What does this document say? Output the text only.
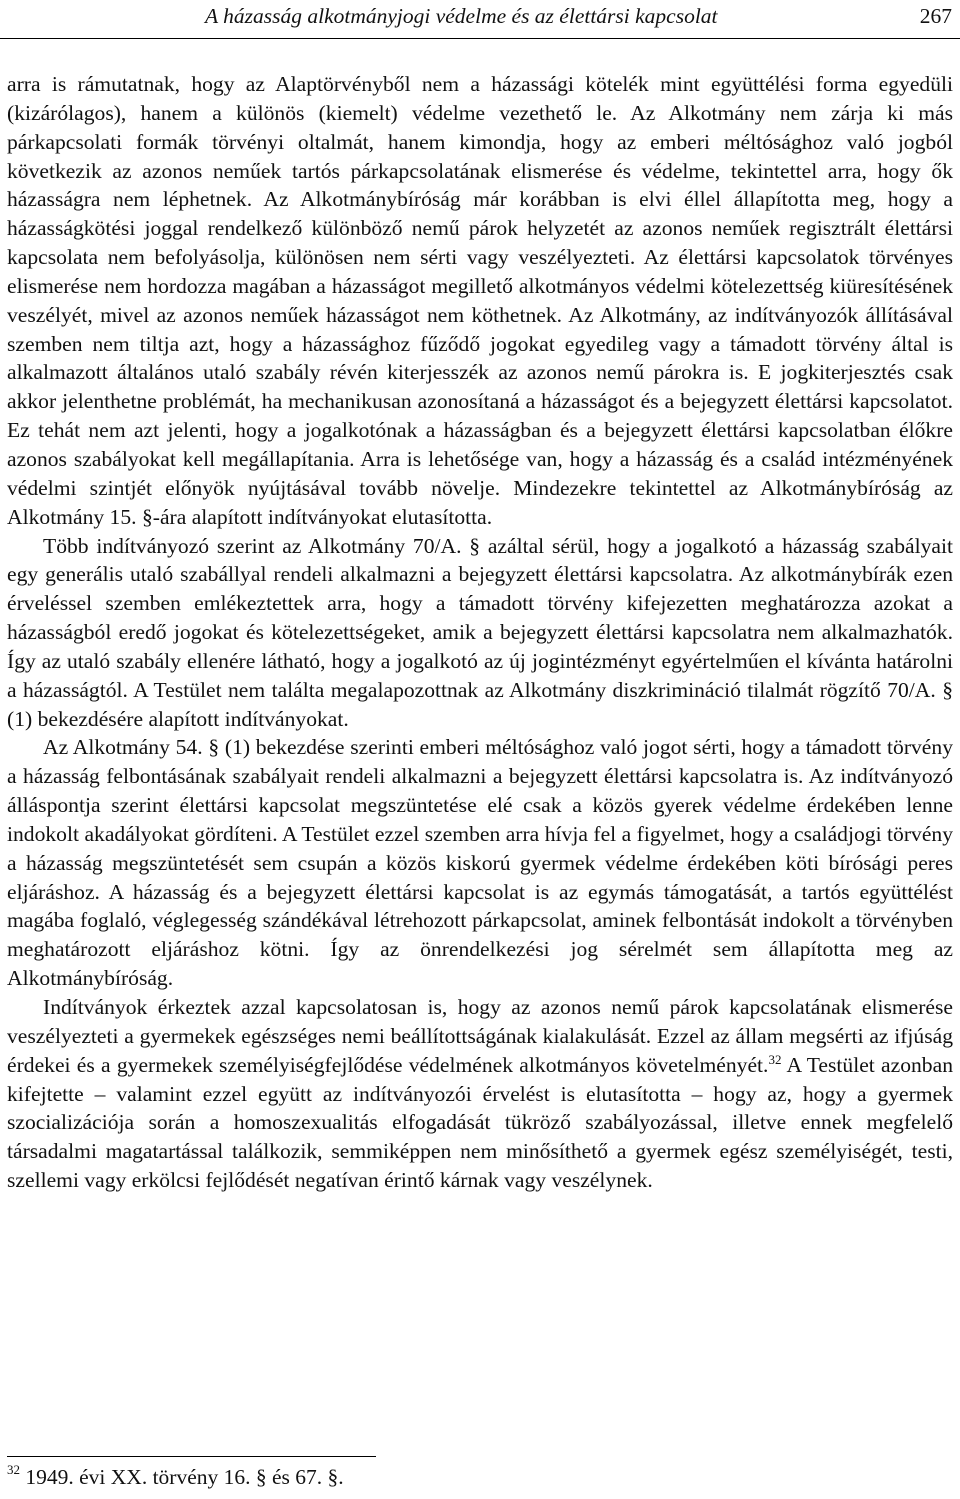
A házasság alkotmányjogi védelme és az élettársi kapcsolat	267

arra is rámutatnak, hogy az Alaptörvényből nem a házassági kötelék mint együttélési forma egyedüli (kizárólagos), hanem a különös (kiemelt) védelme vezethető le. Az Alkotmány nem zárja ki más párkapcsolati formák törvényi oltalmát, hanem kimondja, hogy az emberi méltósághoz való jogból következik az azonos neműek tartós párkapcsolatának elismerése és védelme, tekintettel arra, hogy ők házasságra nem léphetnek. Az Alkotmánybíróság már korábban is elvi éllel állapította meg, hogy a házasságkötési joggal rendelkező különböző nemű párok helyzetét az azonos neműek regisztrált élettársi kapcsolata nem befolyásolja, különösen nem sérti vagy veszélyezteti. Az élettársi kapcsolatok törvényes elismerése nem hordozza magában a házasságot megillető alkotmányos védelmi kötelezettség kiüresítésének veszélyét, mivel az azonos neműek házasságot nem köthetnek. Az Alkotmány, az indítványozók állításával szemben nem tiltja azt, hogy a házassághoz fűződő jogokat egyedileg vagy a támadott törvény által is alkalmazott általános utaló szabály révén kiterjesszék az azonos nemű párokra is. E jogkiterjesztés csak akkor jelenthetne problémát, ha mechanikusan azonosítaná a házasságot és a bejegyzett élettársi kapcsolatot. Ez tehát nem azt jelenti, hogy a jogalkotónak a házasságban és a bejegyzett élettársi kapcsolatban élőkre azonos szabályokat kell megállapítania. Arra is lehetősége van, hogy a házasság és a család intézményének védelmi szintjét előnyök nyújtásával tovább növelje. Mindezekre tekintettel az Alkotmánybíróság az Alkotmány 15. §-ára alapított indítványokat elutasította.

Több indítványozó szerint az Alkotmány 70/A. § azáltal sérül, hogy a jogalkotó a házasság szabályait egy generális utaló szabállyal rendeli alkalmazni a bejegyzett élettársi kapcsolatra. Az alkotmánybírák ezen érveléssel szemben emlékeztettek arra, hogy a támadott törvény kifejezetten meghatározza azokat a házasságból eredő jogokat és kötelezettségeket, amik a bejegyzett élettársi kapcsolatra nem alkalmazhatók. Így az utaló szabály ellenére látható, hogy a jogalkotó az új jogintézményt egyértelműen el kívánta határolni a házasságtól. A Testület nem találta megalapozottnak az Alkotmány diszkrimináció tilalmát rögzítő 70/A. § (1) bekezdésére alapított indítványokat.

Az Alkotmány 54. § (1) bekezdése szerinti emberi méltósághoz való jogot sérti, hogy a támadott törvény a házasság felbontásának szabályait rendeli alkalmazni a bejegyzett élettársi kapcsolatra is. Az indítványozó álláspontja szerint élettársi kapcsolat megszüntetése elé csak a közös gyerek védelme érdekében lenne indokolt akadályokat gördíteni. A Testület ezzel szemben arra hívja fel a figyelmet, hogy a családjogi törvény a házasság megszüntetését sem csupán a közös kiskorú gyermek védelme érdekében köti bírósági peres eljáráshoz. A házasság és a bejegyzett élettársi kapcsolat is az egymás támogatását, a tartós együttélést magába foglaló, véglegesség szándékával létrehozott párkapcsolat, aminek felbontását indokolt a törvényben meghatározott eljáráshoz kötni. Így az önrendelkezési jog sérelmét sem állapította meg az Alkotmánybíróság.

Indítványok érkeztek azzal kapcsolatosan is, hogy az azonos nemű párok kapcsolatának elismerése veszélyezteti a gyermekek egészséges nemi beállítottságának kialakulását. Ezzel az állam megsérti az ifjúság érdekei és a gyermekek személyiségfejlődése védelmének alkotmányos követelményét.$^{32}$ A Testület azonban kifejtette – valamint ezzel együtt az indítványozói érvelést is elutasította – hogy az, hogy a gyermek szocializációja során a homoszexualitás elfogadását tükröző szabályozással, illetve ennek megfelelő társadalmi magatartással találkozik, semmiképpen nem minősíthető a gyermek egész személyiségét, testi, szellemi vagy erkölcsi fejlődését negatívan érintő kárnak vagy veszélynek.

$^{32}$ 1949. évi XX. törvény 16. § és 67. §.
